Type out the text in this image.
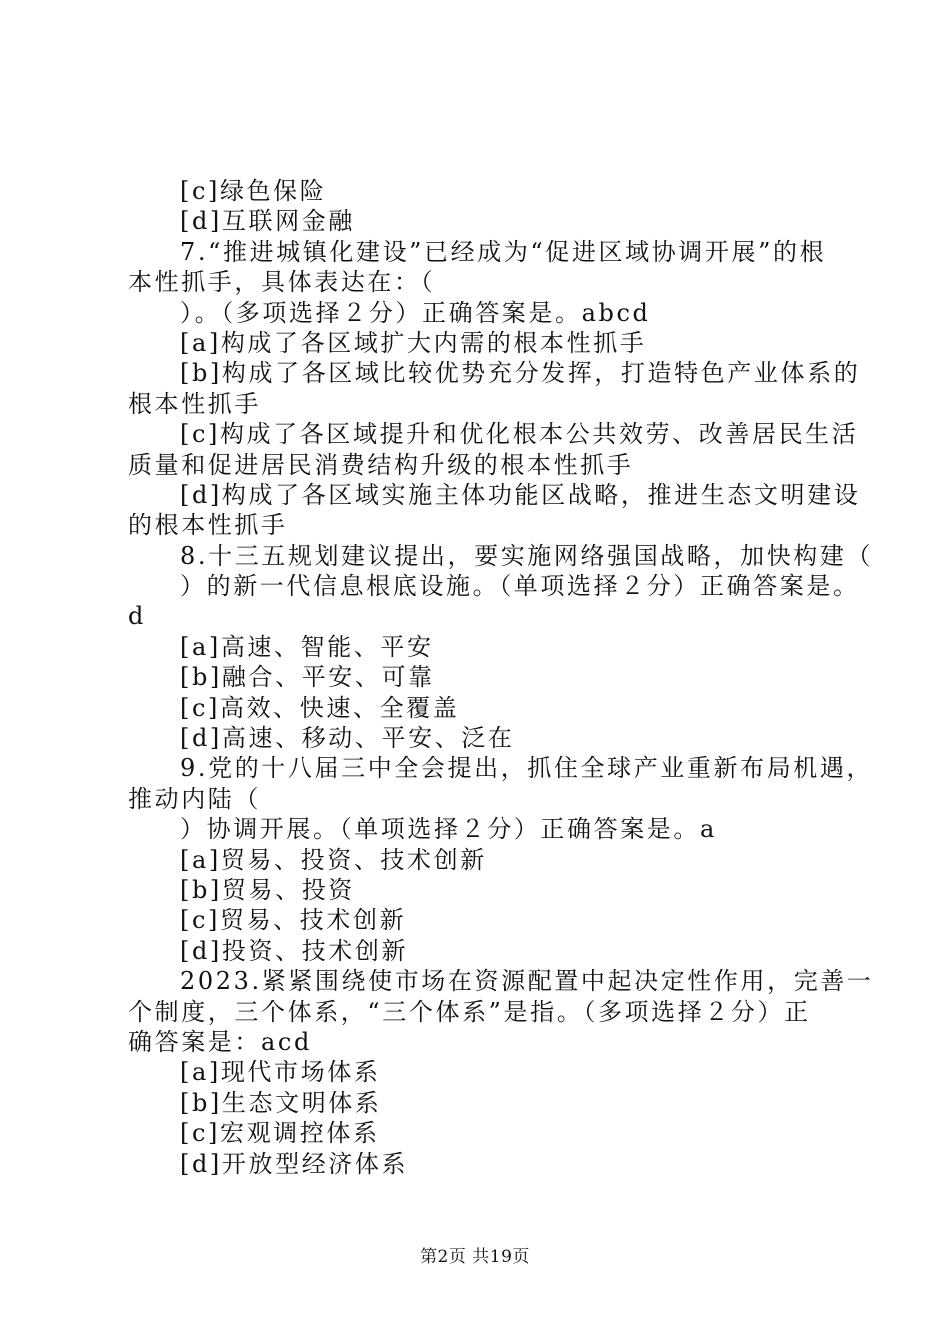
[c]绿色保险
[d]互联网金融
7.“推进城镇化建设”已经成为“促进区域协调开展”的根
本性抓手，具体表达在：（
）。（多项选择２分）正确答案是。abcd
[a]构成了各区域扩大内需的根本性抓手
[b]构成了各区域比较优势充分发挥，打造特色产业体系的
根本性抓手
[c]构成了各区域提升和优化根本公共效劳、改善居民生活
质量和促进居民消费结构升级的根本性抓手
[d]构成了各区域实施主体功能区战略，推进生态文明建设
的根本性抓手
8.十三五规划建议提出，要实施网络强国战略，加快构建（
）的新一代信息根底设施。（单项选择２分）正确答案是。
d
[a]高速、智能、平安
[b]融合、平安、可靠
[c]高效、快速、全覆盖
[d]高速、移动、平安、泛在
9.党的十八届三中全会提出，抓住全球产业重新布局机遇，
推动内陆（
）协调开展。（单项选择２分）正确答案是。a
[a]贸易、投资、技术创新
[b]贸易、投资
[c]贸易、技术创新
[d]投资、技术创新
2023.紧紧围绕使市场在资源配置中起决定性作用，完善一
个制度，三个体系，“三个体系”是指。（多项选择２分）正
确答案是：acd
[a]现代市场体系
[b]生态文明体系
[c]宏观调控体系
[d]开放型经济体系
第2页 共19页
